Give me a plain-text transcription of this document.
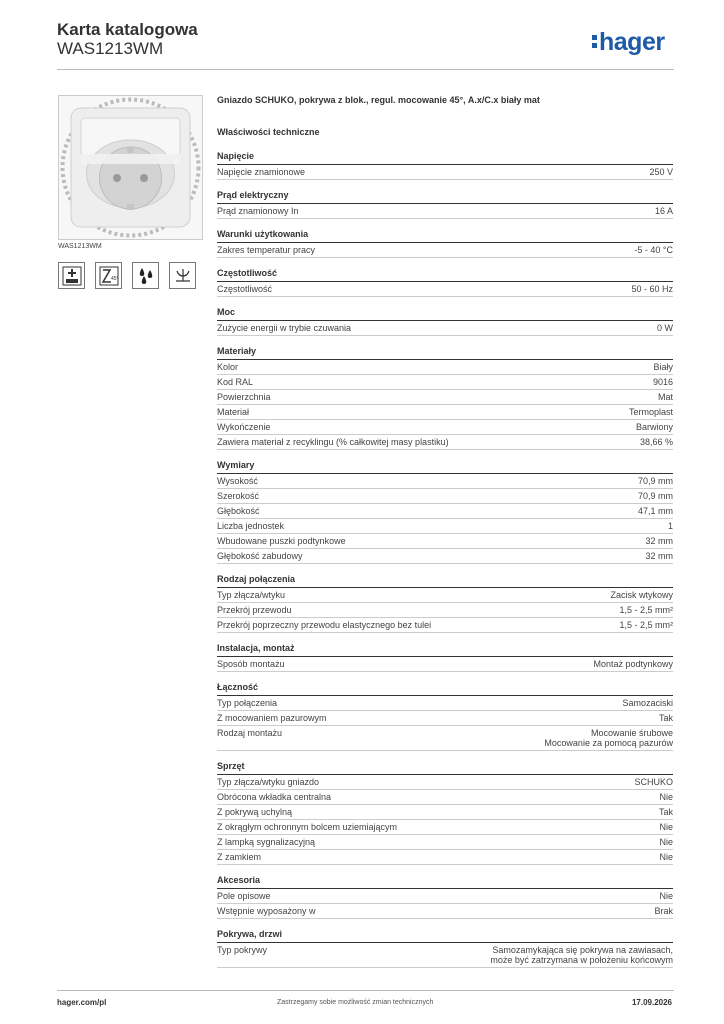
Karta katalogowa
WAS1213WM	hager
WAS1213WM
45°
Gniazdo SCHUKO, pokrywa z blok., regul. mocowanie 45°, A.x/C.x biały mat
Właściwości techniczne
Napięcie
Napięcie znamionowe	250 V
Prąd elektryczny
Prąd znamionowy In	16 A
Warunki użytkowania
Zakres temperatur pracy	-5 - 40 °C
Częstotliwość
Częstotliwość	50 - 60 Hz
Moc
Zużycie energii w trybie czuwania	0 W
Materiały
Kolor	Biały
Kod RAL	9016
Powierzchnia	Mat
Materiał	Termoplast
Wykończenie	Barwiony
Zawiera materiał z recyklingu (% całkowitej masy plastiku)	38,66 %
Wymiary
Wysokość	70,9 mm
Szerokość	70,9 mm
Głębokość	47,1 mm
Liczba jednostek	1
Wbudowane puszki podtynkowe	32 mm
Głębokość zabudowy	32 mm
Rodzaj połączenia
Typ złącza/wtyku	Zacisk wtykowy
Przekrój przewodu	1,5 - 2,5 mm²
Przekrój poprzeczny przewodu elastycznego bez tulei	1,5 - 2,5 mm²
Instalacja, montaż
Sposób montażu	Montaż podtynkowy
Łączność
Typ połączenia	Samozaciski
Z mocowaniem pazurowym	Tak
Rodzaj montażu	Mocowanie śrubowe
Mocowanie za pomocą pazurów
Sprzęt
Typ złącza/wtyku gniazdo	SCHUKO
Obrócona wkładka centralna	Nie
Z pokrywą uchylną	Tak
Z okrągłym ochronnym bolcem uziemiającym	Nie
Z lampką sygnalizacyjną	Nie
Z zamkiem	Nie
Akcesoria
Pole opisowe	Nie
Wstępnie wyposażony w	Brak
Pokrywa, drzwi
Typ pokrywy	Samozamykająca się pokrywa na zawiasach,
może być zatrzymana w położeniu końcowym
hager.com/pl	Zastrzegamy sobie możliwość zmian technicznych	17.09.2026
